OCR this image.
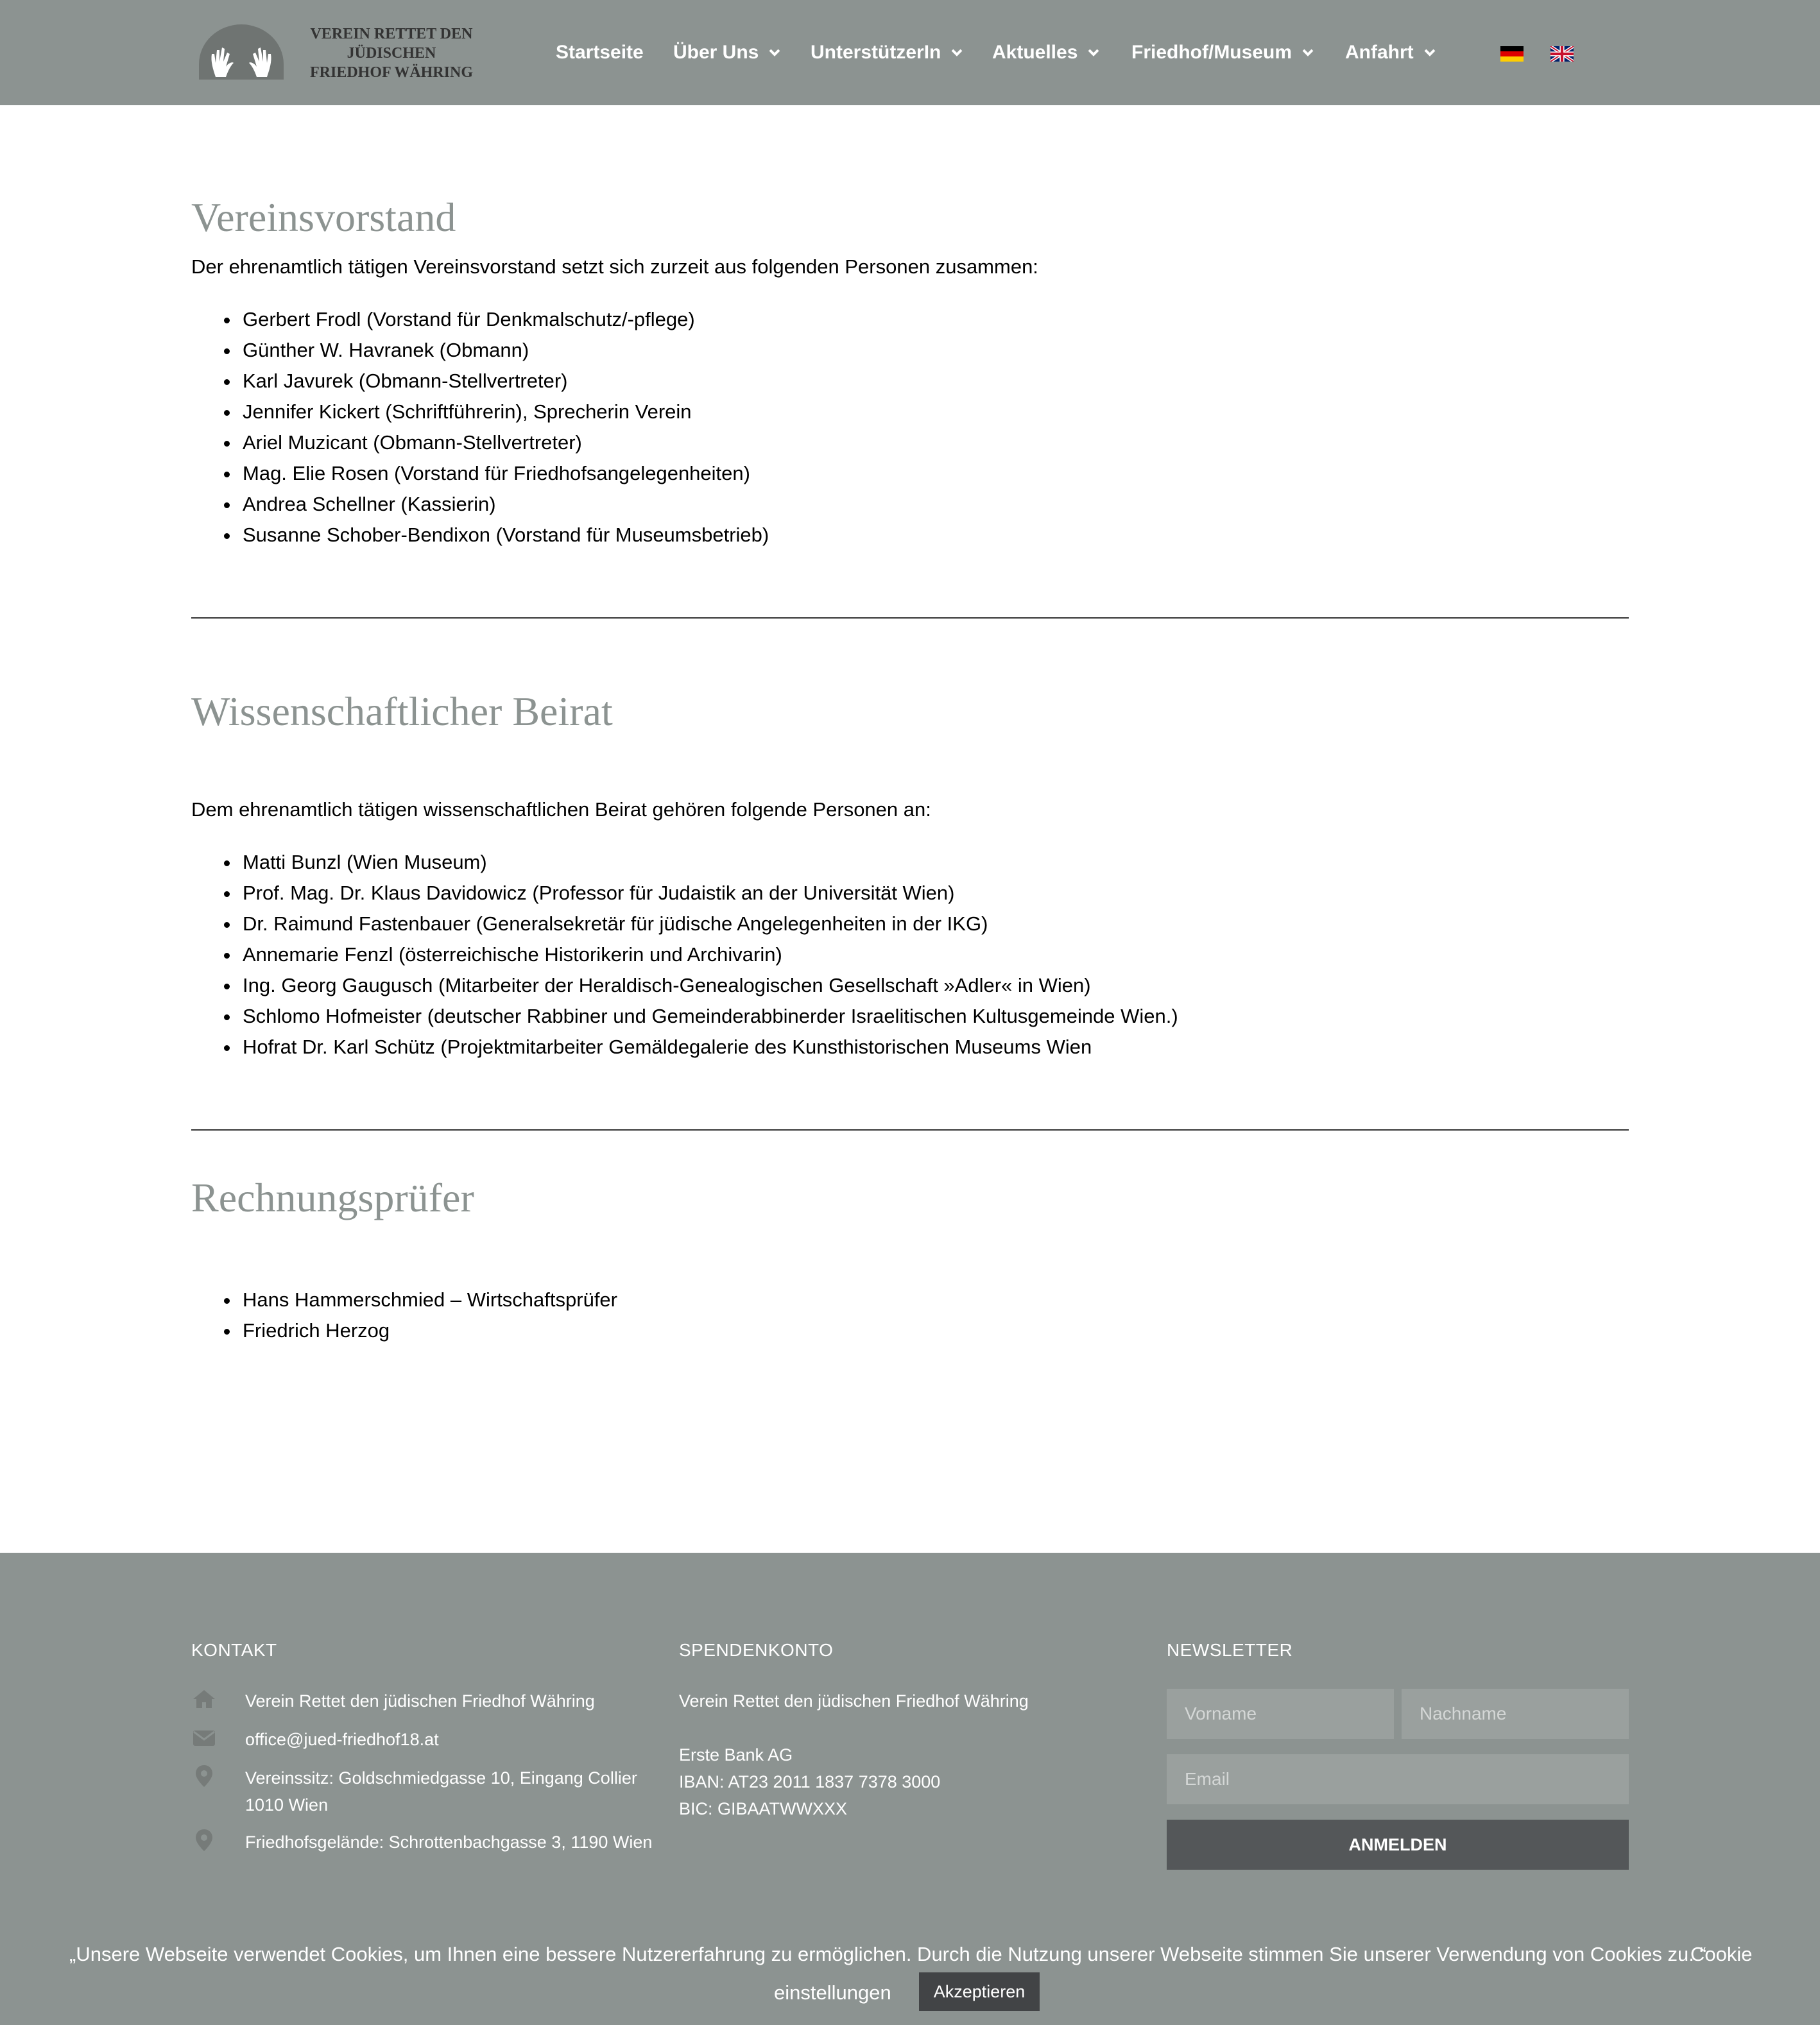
VEREIN RETTET DEN
JÜDISCHEN
FRIEDHOF WÄHRING
Startseite Über Uns	UnterstützerIn	Aktuelles	Friedhof/Museum	Anfahrt
Vereinsvorstand

Der ehrenamtlich tätigen Vereinsvorstand setzt sich zurzeit aus folgenden Personen zusammen:

Gerbert Frodl (Vorstand für Denkmalschutz/-pflege)
Günther W. Havranek (Obmann)
Karl Javurek (Obmann-Stellvertreter)
Jennifer Kickert (Schriftführerin), Sprecherin Verein
Ariel Muzicant (Obmann-Stellvertreter)
Mag. Elie Rosen (Vorstand für Friedhofsangelegenheiten)
Andrea Schellner (Kassierin)
Susanne Schober-Bendixon (Vorstand für Museumsbetrieb)
Wissenschaftlicher Beirat

Dem ehrenamtlich tätigen wissenschaftlichen Beirat gehören folgende Personen an:

Matti Bunzl (Wien Museum)
Prof. Mag. Dr. Klaus Davidowicz (Professor für Judaistik an der Universität Wien)
Dr. Raimund Fastenbauer (Generalsekretär für jüdische Angelegenheiten in der IKG)
Annemarie Fenzl (österreichische Historikerin und Archivarin)
Ing. Georg Gaugusch (Mitarbeiter der Heraldisch-Genealogischen Gesellschaft »Adler« in Wien)
Schlomo Hofmeister (deutscher Rabbiner und Gemeinderabbinerder Israelitischen Kultusgemeinde Wien.)
Hofrat Dr. Karl Schütz (Projektmitarbeiter Gemäldegalerie des Kunsthistorischen Museums Wien
Rechnungsprüfer
Hans Hammerschmied – Wirtschaftsprüfer
Friedrich Herzog
KONTAKT	SPENDENKONTO	NEWSLETTER
Verein Rettet den jüdischen Friedhof Währing
office@jued-friedhof18.at
Vereinssitz: Goldschmiedgasse 10, Eingang Collier 1010 Wien
Friedhofsgelände: Schrottenbachgasse 3, 1190 Wien
Verein Rettet den jüdischen Friedhof Währing
Erste Bank AG
IBAN: AT23 2011 1837 7378 3000
BIC: GIBAATWWXXX
Vorname	Nachname
Email
ANMELDEN
„Unsere Webseite verwendet Cookies, um Ihnen eine bessere Nutzererfahrung zu ermöglichen. Durch die Nutzung unserer Webseite stimmen Sie unserer Verwendung von Cookies zu. “
Cookie
einstellungen	Akzeptieren
